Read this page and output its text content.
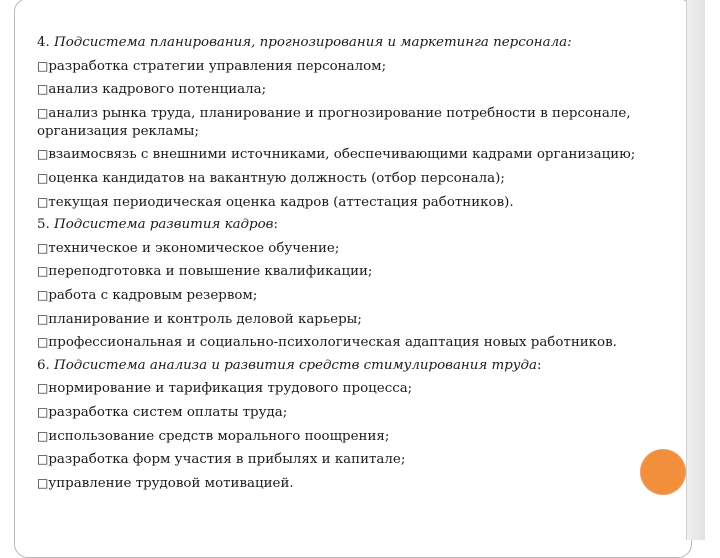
4. Подсистема планирования, прогнозирования и маркетинга персонала:
□разработка стратегии управления персоналом;
□анализ кадрового потенциала;
□анализ рынка труда, планирование и прогнозирование потребности в персонале, организация рекламы;
□взаимосвязь с внешними источниками, обеспечивающими кадрами организацию;
□оценка кандидатов на вакантную должность (отбор персонала);
□текущая периодическая оценка кадров (аттестация работников).
5. Подсистема развития кадров:
□техническое и экономическое обучение;
□переподготовка и повышение квалификации;
□работа с кадровым резервом;
□планирование и контроль деловой карьеры;
□профессиональная и социально-психологическая адаптация новых работников.
6. Подсистема анализа и развития средств стимулирования труда:
□нормирование и тарификация трудового процесса;
□разработка систем оплаты труда;
□использование средств морального поощрения;
□разработка форм участия в прибылях и капитале;
□управление трудовой мотивацией.
